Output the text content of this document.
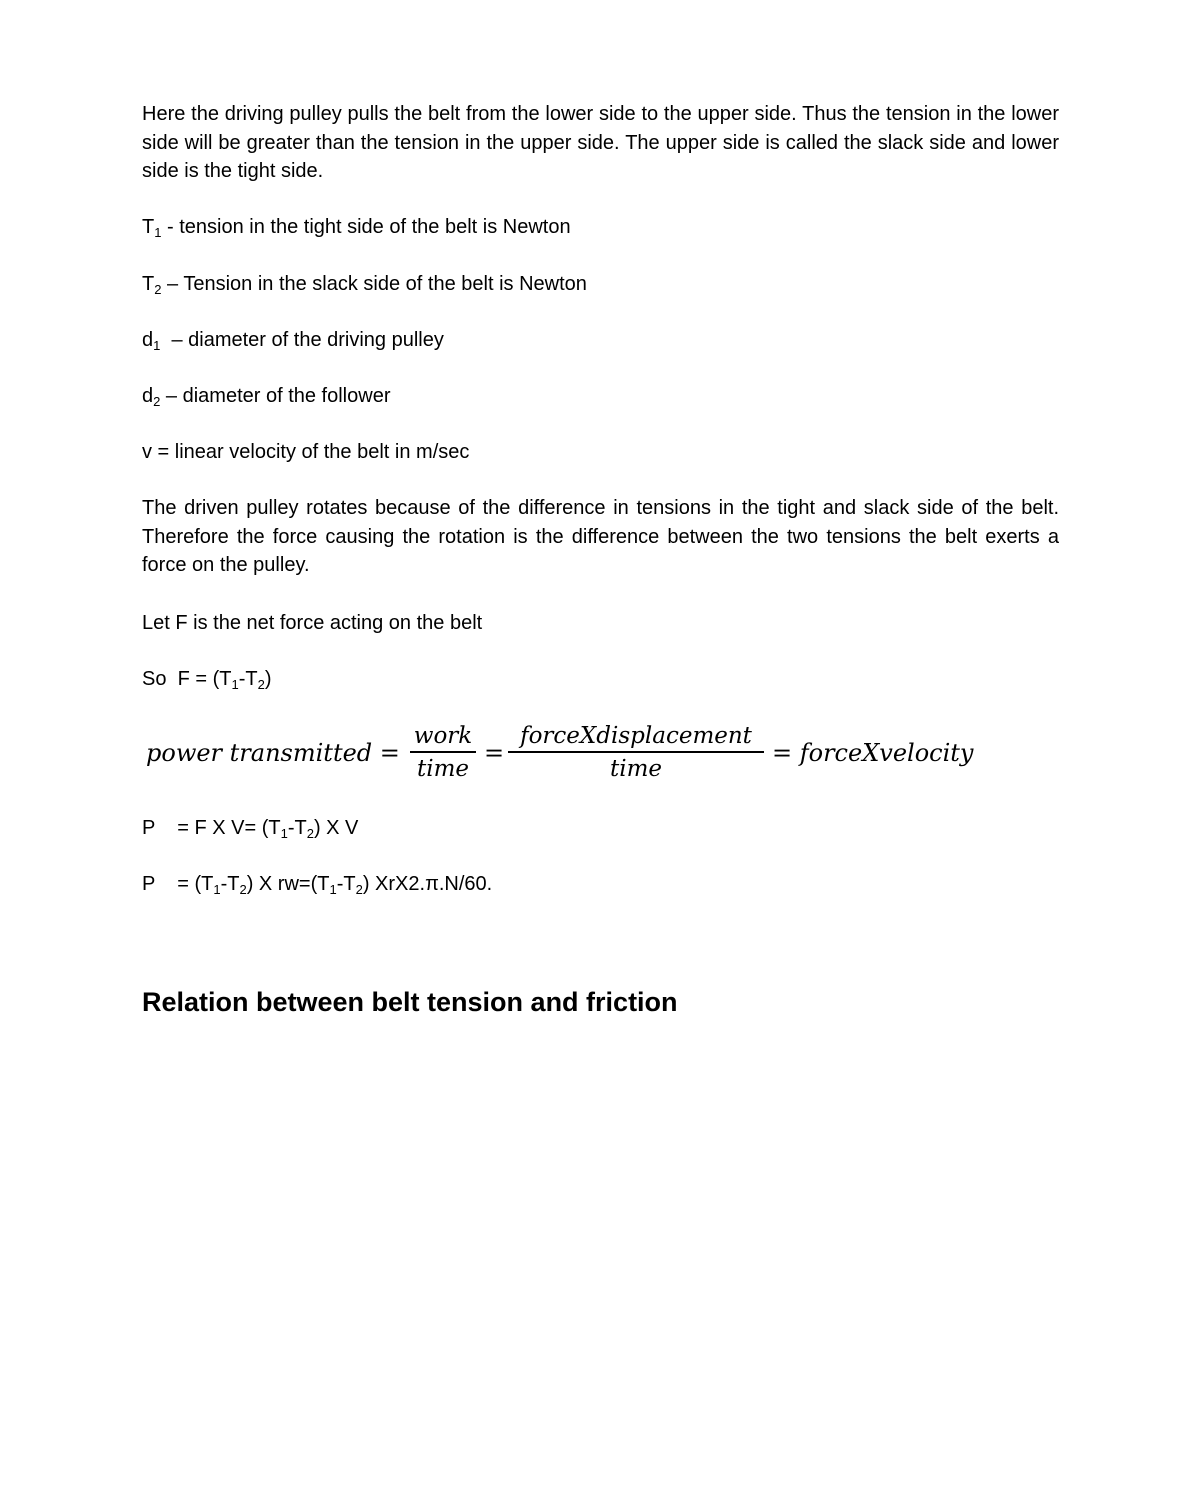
Here the driving pulley pulls the belt from the lower side to the upper side. Thus the tension in the lower side will be greater than the tension in the upper side. The upper side is called the slack side and lower side is the tight side.

$T_1$ - tension in the tight side of the belt is Newton

$T_2$ – Tension in the slack side of the belt is Newton

$d_1$  – diameter of the driving pulley

$d_2$ – diameter of the follower

v = linear velocity of the belt in m/sec

The driven pulley rotates because of the difference in tensions in the tight and slack side of the belt. Therefore the force causing the rotation is the difference between the two tensions the belt exerts a force on the pulley.

Let F is the net force acting on the belt

So  $F = (T_1-T_2)$

power transmitted =
work
time
=
forceXdisplacement
time
= forceXvelocity

P    = F X $V= (T_1-T_2)$ X V

P    = $(T_1-T_2)$ X $rw=(T_1-T_2)$ XrX2.π.N/60.

Relation between belt tension and friction
